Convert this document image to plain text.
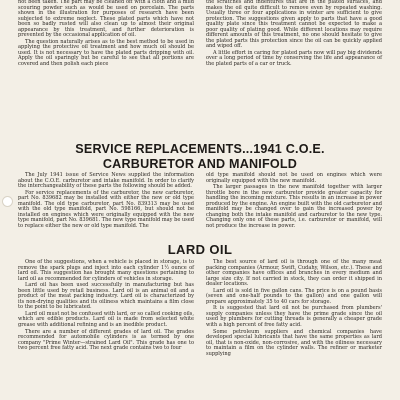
not been taken. The part may be cleaned off with a cloth and a mild scouring powder such as would be used on porcelain. The parts shown in the illustration for purposes of research have been subjected to extreme neglect. These plated parts which have not been so badly rusted will also clean up to almost their original appearance by this treatment, and further deterioration is prevented by the occasional application of oil.

The question naturally arises as to the best method to be used in applying the protective oil treatment and how much oil should be used. It is not necessary to have the plated parts dripping with oil. Apply the oil sparingly but be careful to see that all portions are covered and then polish each piece

the scratches and indentures that are in the plated surfaces, and makes the oil quite difficult to remove even by repeated washing. Usually three or four applications in winter are sufficient to give protection. The suggestions given apply to parts that have a good quality plate since this treatment cannot be expected to make a poor quality of plating good. While different locations may require different amounts of this treatment, no one should hesitate to give the plated parts this protection since the oil can be quickly applied and wiped off.

A little effort in caring for plated parts now will pay big dividends over a long period of time by conserving the life and appearance of the plated parts of a car or truck.

SERVICE REPLACEMENTS...1941 C.O.E.
CARBURETOR AND MANIFOLD

The July 1941 issue of Service News supplied the information about the C.O.E. carburetor and intake manifold. In order to clarify the interchangeability of these parts the following should be added.

For service replacements of the carburetor, the new carburetor, part No. 839682 may be installed with either the new or old type manifold. The old type carburetor, part No. 839313 may be used with the old type manifold, part No. 598166, but should not be installed on engines which were originally equipped with the new type manifold, part No. 839681. The new type manifold may be used to replace either the new or old type manifold. The

old type manifold should not be used on engines which were originally equipped with the new manifold.

The larger passages in the new manifold together with larger throttle bore in the new carburetor provide greater capacity for handling the incoming mixture. This results in an increase in power produced by the engine. An engine built with the old carburetor and manifold may be changed over to gain the increased power by changing both the intake manifold and carburetor to the new type. Changing only one of these parts, i.e. carburetor or manifold, will not produce the increase in power.

LARD OIL

One of the suggestions, when a vehicle is placed in storage, is to remove the spark plugs and inject into each cylinder 1½ ounce of lard oil. This suggestion has brought many questions pertaining to lard oil as recommended for cylinders of vehicles in storage.

Lard oil has been used successfully in manufacturing but has been little used by retail business. Lard oil is an animal oil and a product of the meat packing industry. Lard oil is characterized by its non-drying qualities and its oiliness which maintains a film close to the point to be lubricated.

Lard oil must not be confused with lard, or so called cooking oils, which are edible products. Lard oil is made from selected white grease with additional refining and is an inedible product.

There are a number of different grades of lard oil. The grades recommended for automobile cylinders is as termed by one company "Prime Winter—strained Lard Oil". This grade has one to two percent free fatty acid. The next grade contains two to four

The best source of lard oil is through one of the many meat packing companies (Armour, Swift, Cudahy, Wilson, etc.). These and other companies have offices and branches in every medium and large size city. If not carried in stock, they can order it shipped in dealer locations.

Lard oil is sold in five gallon cans. The price is on a pound basis (seven and one-half pounds to the gallon) and one gallon will prepare approximately 35 to 40 cars for storage.

It is suggested that lard oil not be purchased from plumbers' supply companies unless they have the prime grade since the oil used by plumbers for cutting threads is generally a cheaper grade with a high percent of free fatty acid.

Some petroleum suppliers and chemical companies have developed special lubricants that have the same properties as lard oil, that is non-oxide, non-corrosive, and with the oiliness necessary to maintain a film on the cylinder walls. The refiner or marketer supplying
